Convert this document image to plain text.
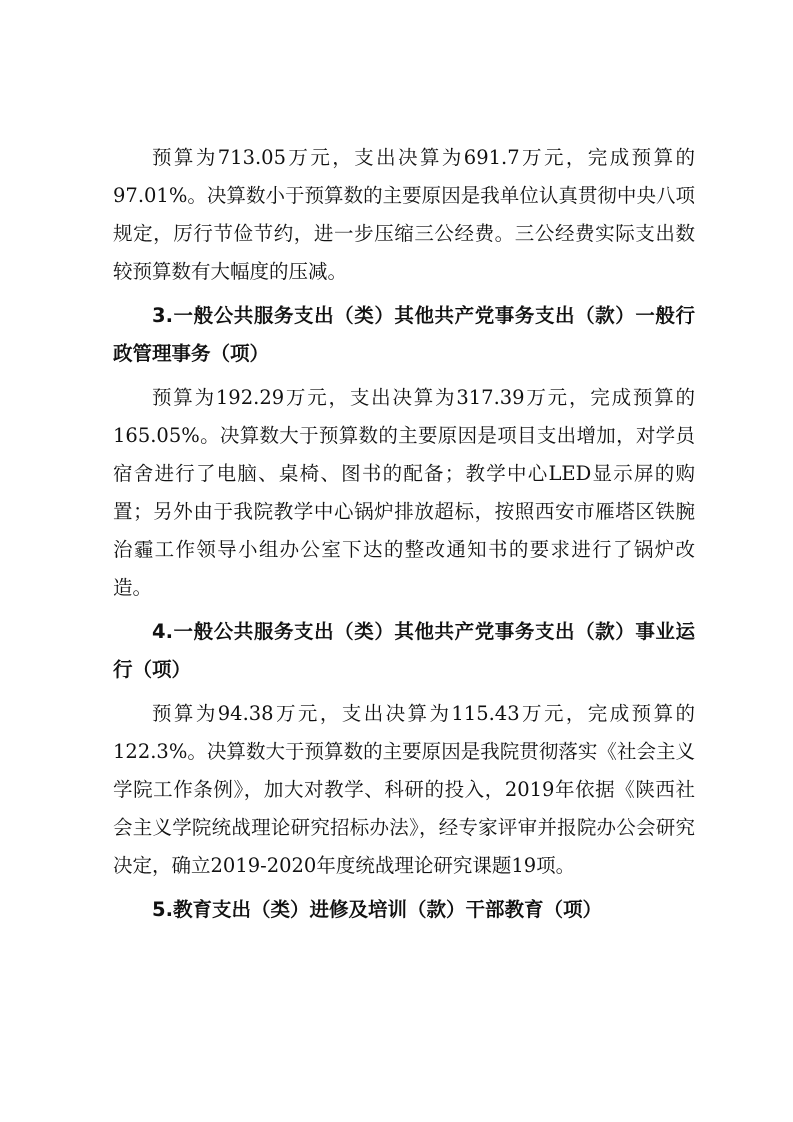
预算为713.05万元，支出决算为691.7万元，完成预算的97.01%。决算数小于预算数的主要原因是我单位认真贯彻中央八项规定，厉行节俭节约，进一步压缩三公经费。三公经费实际支出数较预算数有大幅度的压减。

3.一般公共服务支出（类）其他共产党事务支出（款）一般行政管理事务（项）

预算为192.29万元，支出决算为317.39万元，完成预算的165.05%。决算数大于预算数的主要原因是项目支出增加，对学员宿舍进行了电脑、桌椅、图书的配备；教学中心LED显示屏的购置；另外由于我院教学中心锅炉排放超标，按照西安市雁塔区铁腕治霾工作领导小组办公室下达的整改通知书的要求进行了锅炉改造。

4.一般公共服务支出（类）其他共产党事务支出（款）事业运行（项）

预算为94.38万元，支出决算为115.43万元，完成预算的122.3%。决算数大于预算数的主要原因是我院贯彻落实《社会主义学院工作条例》，加大对教学、科研的投入，2019年依据《陕西社会主义学院统战理论研究招标办法》，经专家评审并报院办公会研究决定，确立2019-2020年度统战理论研究课题19项。

5.教育支出（类）进修及培训（款）干部教育（项）
